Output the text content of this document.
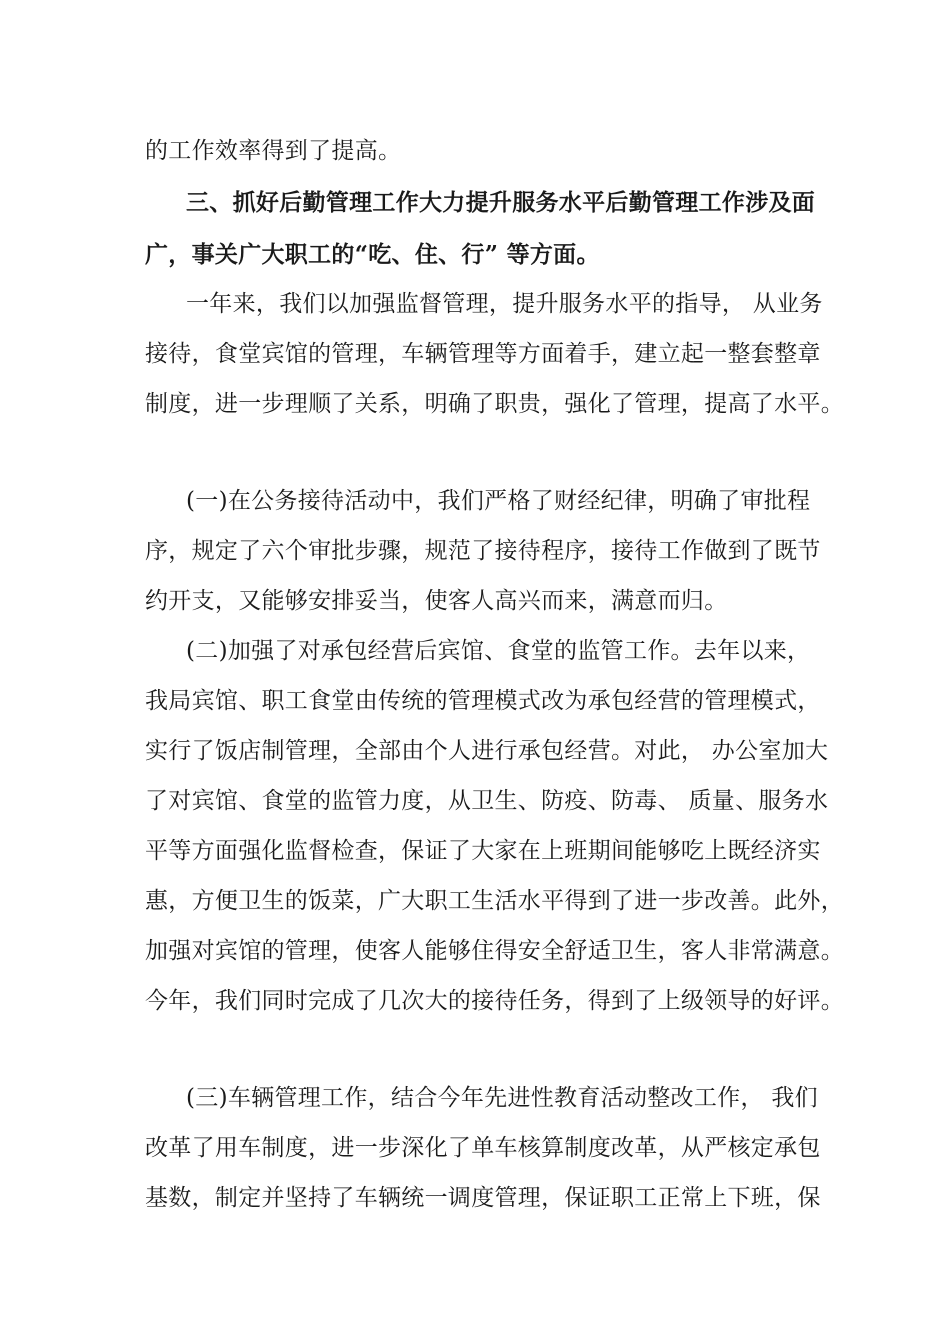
的工作效率得到了提高。
三、抓好后勤管理工作大力提升服务水平后勤管理工作涉及面
广，事关广大职工的“吃、住、行” 等方面。
一年来，我们以加强监督管理，提升服务水平的指导， 从业务
接待，食堂宾馆的管理，车辆管理等方面着手，建立起一整套整章
制度，进一步理顺了关系，明确了职贵，强化了管理，提高了水平。
(一)在公务接待活动中，我们严格了财经纪律，明确了审批程
序，规定了六个审批步骤，规范了接待程序，接待工作做到了既节
约开支，又能够安排妥当，使客人高兴而来，满意而归。
(二)加强了对承包经营后宾馆、食堂的监管工作。去年以来，
我局宾馆、职工食堂由传统的管理模式改为承包经营的管理模式，
实行了饭店制管理，全部由个人进行承包经营。对此， 办公室加大
了对宾馆、食堂的监管力度，从卫生、防疫、防毒、 质量、服务水
平等方面强化监督检查，保证了大家在上班期间能够吃上既经济实
惠，方便卫生的饭菜，广大职工生活水平得到了进一步改善。此外，
加强对宾馆的管理，使客人能够住得安全舒适卫生，客人非常满意。
今年，我们同时完成了几次大的接待任务，得到了上级领导的好评。
(三)车辆管理工作，结合今年先进性教育活动整改工作， 我们
改革了用车制度，进一步深化了单车核算制度改革，从严核定承包
基数，制定并坚持了车辆统一调度管理，保证职工正常上下班，保
